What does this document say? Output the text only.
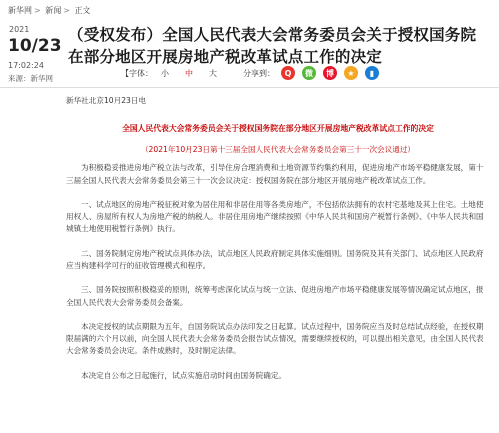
新华网 > 新闻 > 正文
2021
10/23
17:02:24
来源：新华网
（受权发布）全国人民代表大会常务委员会关于授权国务院在部分地区开展房地产税改革试点工作的决定
【字体： 小 中 大	分享到：	Q	微	博	★	▮

新华社北京10月23日电

全国人民代表大会常务委员会关于授权国务院在部分地区开展房地产税改革试点工作的决定

（2021年10月23日第十三届全国人民代表大会常务委员会第三十一次会议通过）

为积极稳妥推进房地产税立法与改革，引导住房合理消费和土地资源节约集约利用，促进房地产市场平稳健康发展，第十三届全国人民代表大会常务委员会第三十一次会议决定：授权国务院在部分地区开展房地产税改革试点工作。

一、试点地区的房地产税征税对象为居住用和非居住用等各类房地产，不包括依法拥有的农村宅基地及其上住宅。土地使用权人、房屋所有权人为房地产税的纳税人。非居住用房地产继续按照《中华人民共和国房产税暂行条例》、《中华人民共和国城镇土地使用税暂行条例》执行。

二、国务院制定房地产税试点具体办法，试点地区人民政府制定具体实施细则。国务院及其有关部门、试点地区人民政府应当构建科学可行的征收管理模式和程序。

三、国务院按照积极稳妥的原则，统筹考虑深化试点与统一立法、促进房地产市场平稳健康发展等情况确定试点地区，报全国人民代表大会常务委员会备案。

本决定授权的试点期限为五年，自国务院试点办法印发之日起算。试点过程中，国务院应当及时总结试点经验，在授权期限届满的六个月以前，向全国人民代表大会常务委员会报告试点情况，需要继续授权的，可以提出相关意见，由全国人民代表大会常务委员会决定。条件成熟时，及时制定法律。

本决定自公布之日起施行，试点实施启动时间由国务院确定。
